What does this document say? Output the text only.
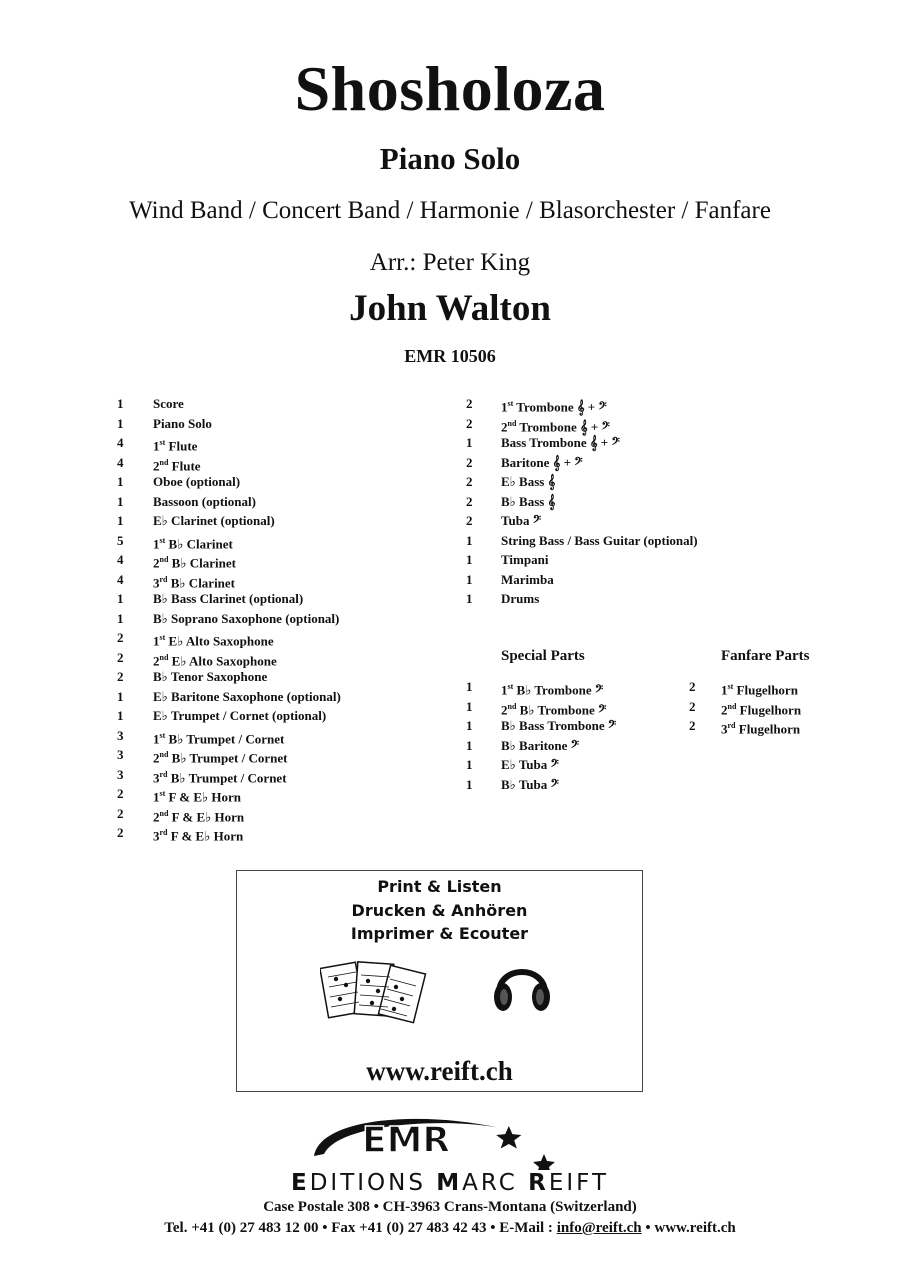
Shosholoza
Piano Solo
Wind Band / Concert Band / Harmonie / Blasorchester / Fanfare
Arr.: Peter King
John Walton
EMR 10506
1 Score
1 Piano Solo
4 1st Flute
4 2nd Flute
1 Oboe (optional)
1 Bassoon (optional)
1 E♭ Clarinet (optional)
5 1st B♭ Clarinet
4 2nd B♭ Clarinet
4 3rd B♭ Clarinet
1 B♭ Bass Clarinet (optional)
1 B♭ Soprano Saxophone (optional)
2 1st E♭ Alto Saxophone
2 2nd E♭ Alto Saxophone
2 B♭ Tenor Saxophone
1 E♭ Baritone Saxophone (optional)
1 E♭ Trumpet / Cornet (optional)
3 1st B♭ Trumpet / Cornet
3 2nd B♭ Trumpet / Cornet
3 3rd B♭ Trumpet / Cornet
2 1st F & E♭ Horn
2 2nd F & E♭ Horn
2 3rd F & E♭ Horn
2 1st Trombone 𝄞 + 𝄢
2 2nd Trombone 𝄞 + 𝄢
1 Bass Trombone 𝄞 + 𝄢
2 Baritone 𝄞 + 𝄢
2 E♭ Bass 𝄞
2 B♭ Bass 𝄞
2 Tuba 𝄢
1 String Bass / Bass Guitar (optional)
1 Timpani
1 Marimba
1 Drums
Special Parts
1 1st B♭ Trombone 𝄢
1 2nd B♭ Trombone 𝄢
1 B♭ Bass Trombone 𝄢
1 B♭ Baritone 𝄢
1 E♭ Tuba 𝄢
1 B♭ Tuba 𝄢
Fanfare Parts
2 1st Flugelhorn
2 2nd Flugelhorn
2 3rd Flugelhorn
Print & Listen
Drucken & Anhören
Imprimer & Ecouter
www.reift.ch
EMR
EDITIONS MARC REIFT
Case Postale 308 • CH-3963 Crans-Montana (Switzerland)
Tel. +41 (0) 27 483 12 00 • Fax +41 (0) 27 483 42 43 • E-Mail : info@reift.ch • www.reift.ch
